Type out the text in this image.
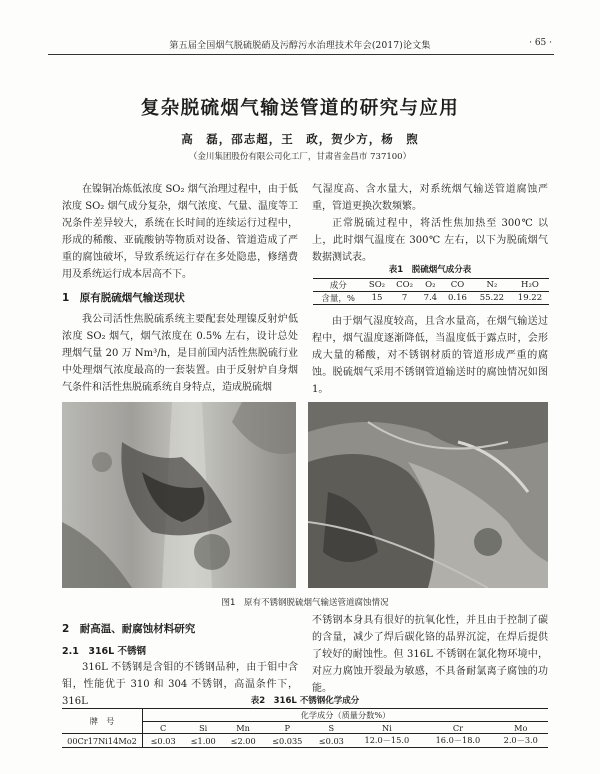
第五届全国烟气脱硫脱硝及污醇污水治理技术年会(2017)论文集	· 65 ·
复杂脱硫烟气输送管道的研究与应用
高　磊，邵志超，王　政，贺少方，杨　煦
（金川集团股份有限公司化工厂，甘肃省金昌市 737100）

在镍铜冶炼低浓度 SO₂ 烟气治理过程中，由于低浓度 SO₂ 烟气成分复杂，烟气浓度、气量、温度等工况条件差异较大，系统在长时间的连续运行过程中，形成的稀酸、亚硫酸钠等物质对设备、管道造成了严重的腐蚀破坏，导致系统运行存在多处隐患，修缮费用及系统运行成本居高不下。

1　原有脱硫烟气输送现状

我公司活性焦脱硫系统主要配套处理镍反射炉低浓度 SO₂ 烟气，烟气浓度在 0.5% 左右，设计总处理烟气量 20 万 Nm³/h，是目前国内活性焦脱硫行业中处理烟气浓度最高的一套装置。由于反射炉自身烟气条件和活性焦脱硫系统自身特点，造成脱硫烟

气湿度高、含水量大，对系统烟气输送管道腐蚀严重，管道更换次数频繁。

正常脱硫过程中，将活性焦加热至 300℃ 以上，此时烟气温度在 300℃ 左右，以下为脱硫烟气数据测试表。

表1　脱硫烟气成分表
成分	SO₂	CO₂	O₂	CO	N₂	H₂O
含量，%	15	7	7.4	0.16	55.22	19.22

由于烟气湿度较高，且含水量高，在烟气输送过程中，烟气温度逐渐降低，当温度低于露点时，会形成大量的稀酸，对不锈钢材质的管道形成严重的腐蚀。脱硫烟气采用不锈钢管道输送时的腐蚀情况如图1。

图1　原有不锈钢脱硫烟气输送管道腐蚀情况
2　耐高温、耐腐蚀材料研究
2.1　316L 不锈钢

316L 不锈钢是含钼的不锈钢品种，由于钼中含钼，性能优于 310 和 304 不锈钢，高温条件下，316L

不锈钢本身具有很好的抗氧化性，并且由于控制了碳的含量，减少了焊后碳化铬的晶界沉淀，在焊后提供了较好的耐蚀性。但 316L 不锈钢在氯化物环境中，对应力腐蚀开裂最为敏感，不具备耐氯离子腐蚀的功能。

表2　316L 不锈钢化学成分
牌　号	化学成分（质量分数%）							
	C	Si	Mn	P	S	Ni	Cr	Mo
00Cr17Ni14Mo2	≤0.03	≤1.00	≤2.00	≤0.035	≤0.03	12.0－15.0	16.0－18.0	2.0－3.0
